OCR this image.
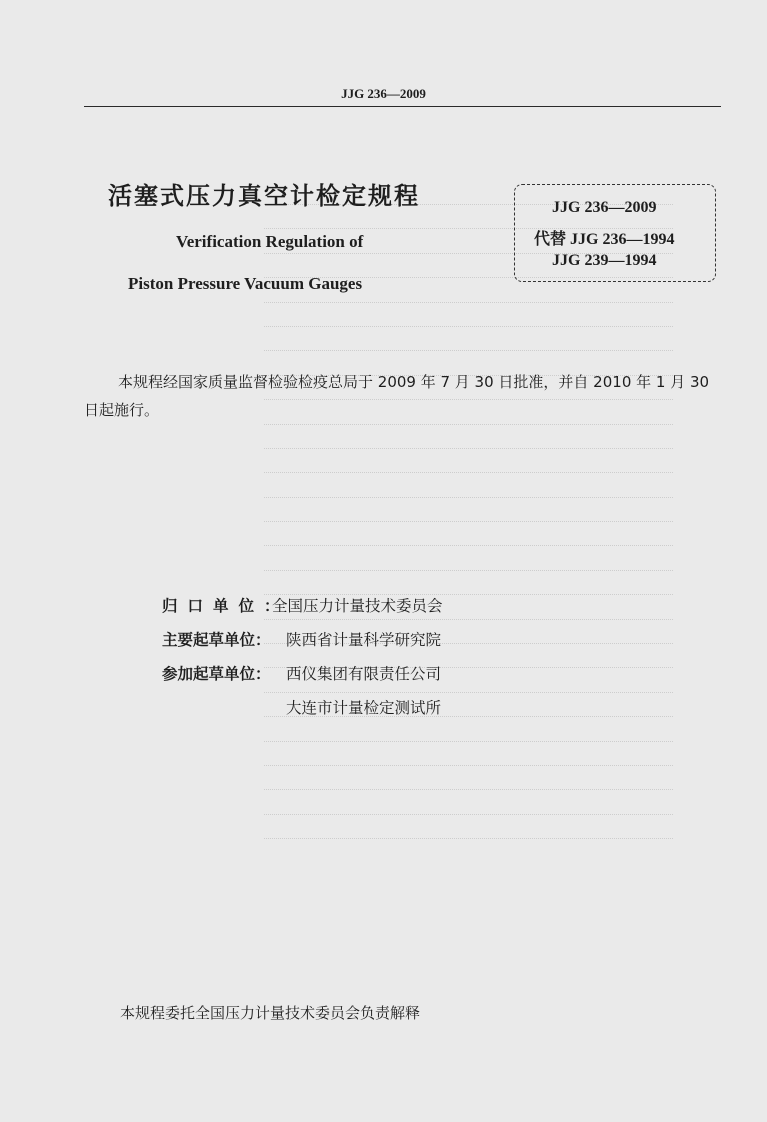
JJG 236—2009
活塞式压力真空计检定规程
Verification Regulation of
Piston Pressure Vacuum Gauges
JJG 236—2009
代替 JJG 236—1994
JJG 239—1994

本规程经国家质量监督检验检疫总局于 2009 年 7 月 30 日批准，并自 2010 年 1 月 30 日起施行。

归口单位：全国压力计量技术委员会
主要起草单位： 陕西省计量科学研究院
参加起草单位： 西仪集团有限责任公司
大连市计量检定测试所
本规程委托全国压力计量技术委员会负责解释
